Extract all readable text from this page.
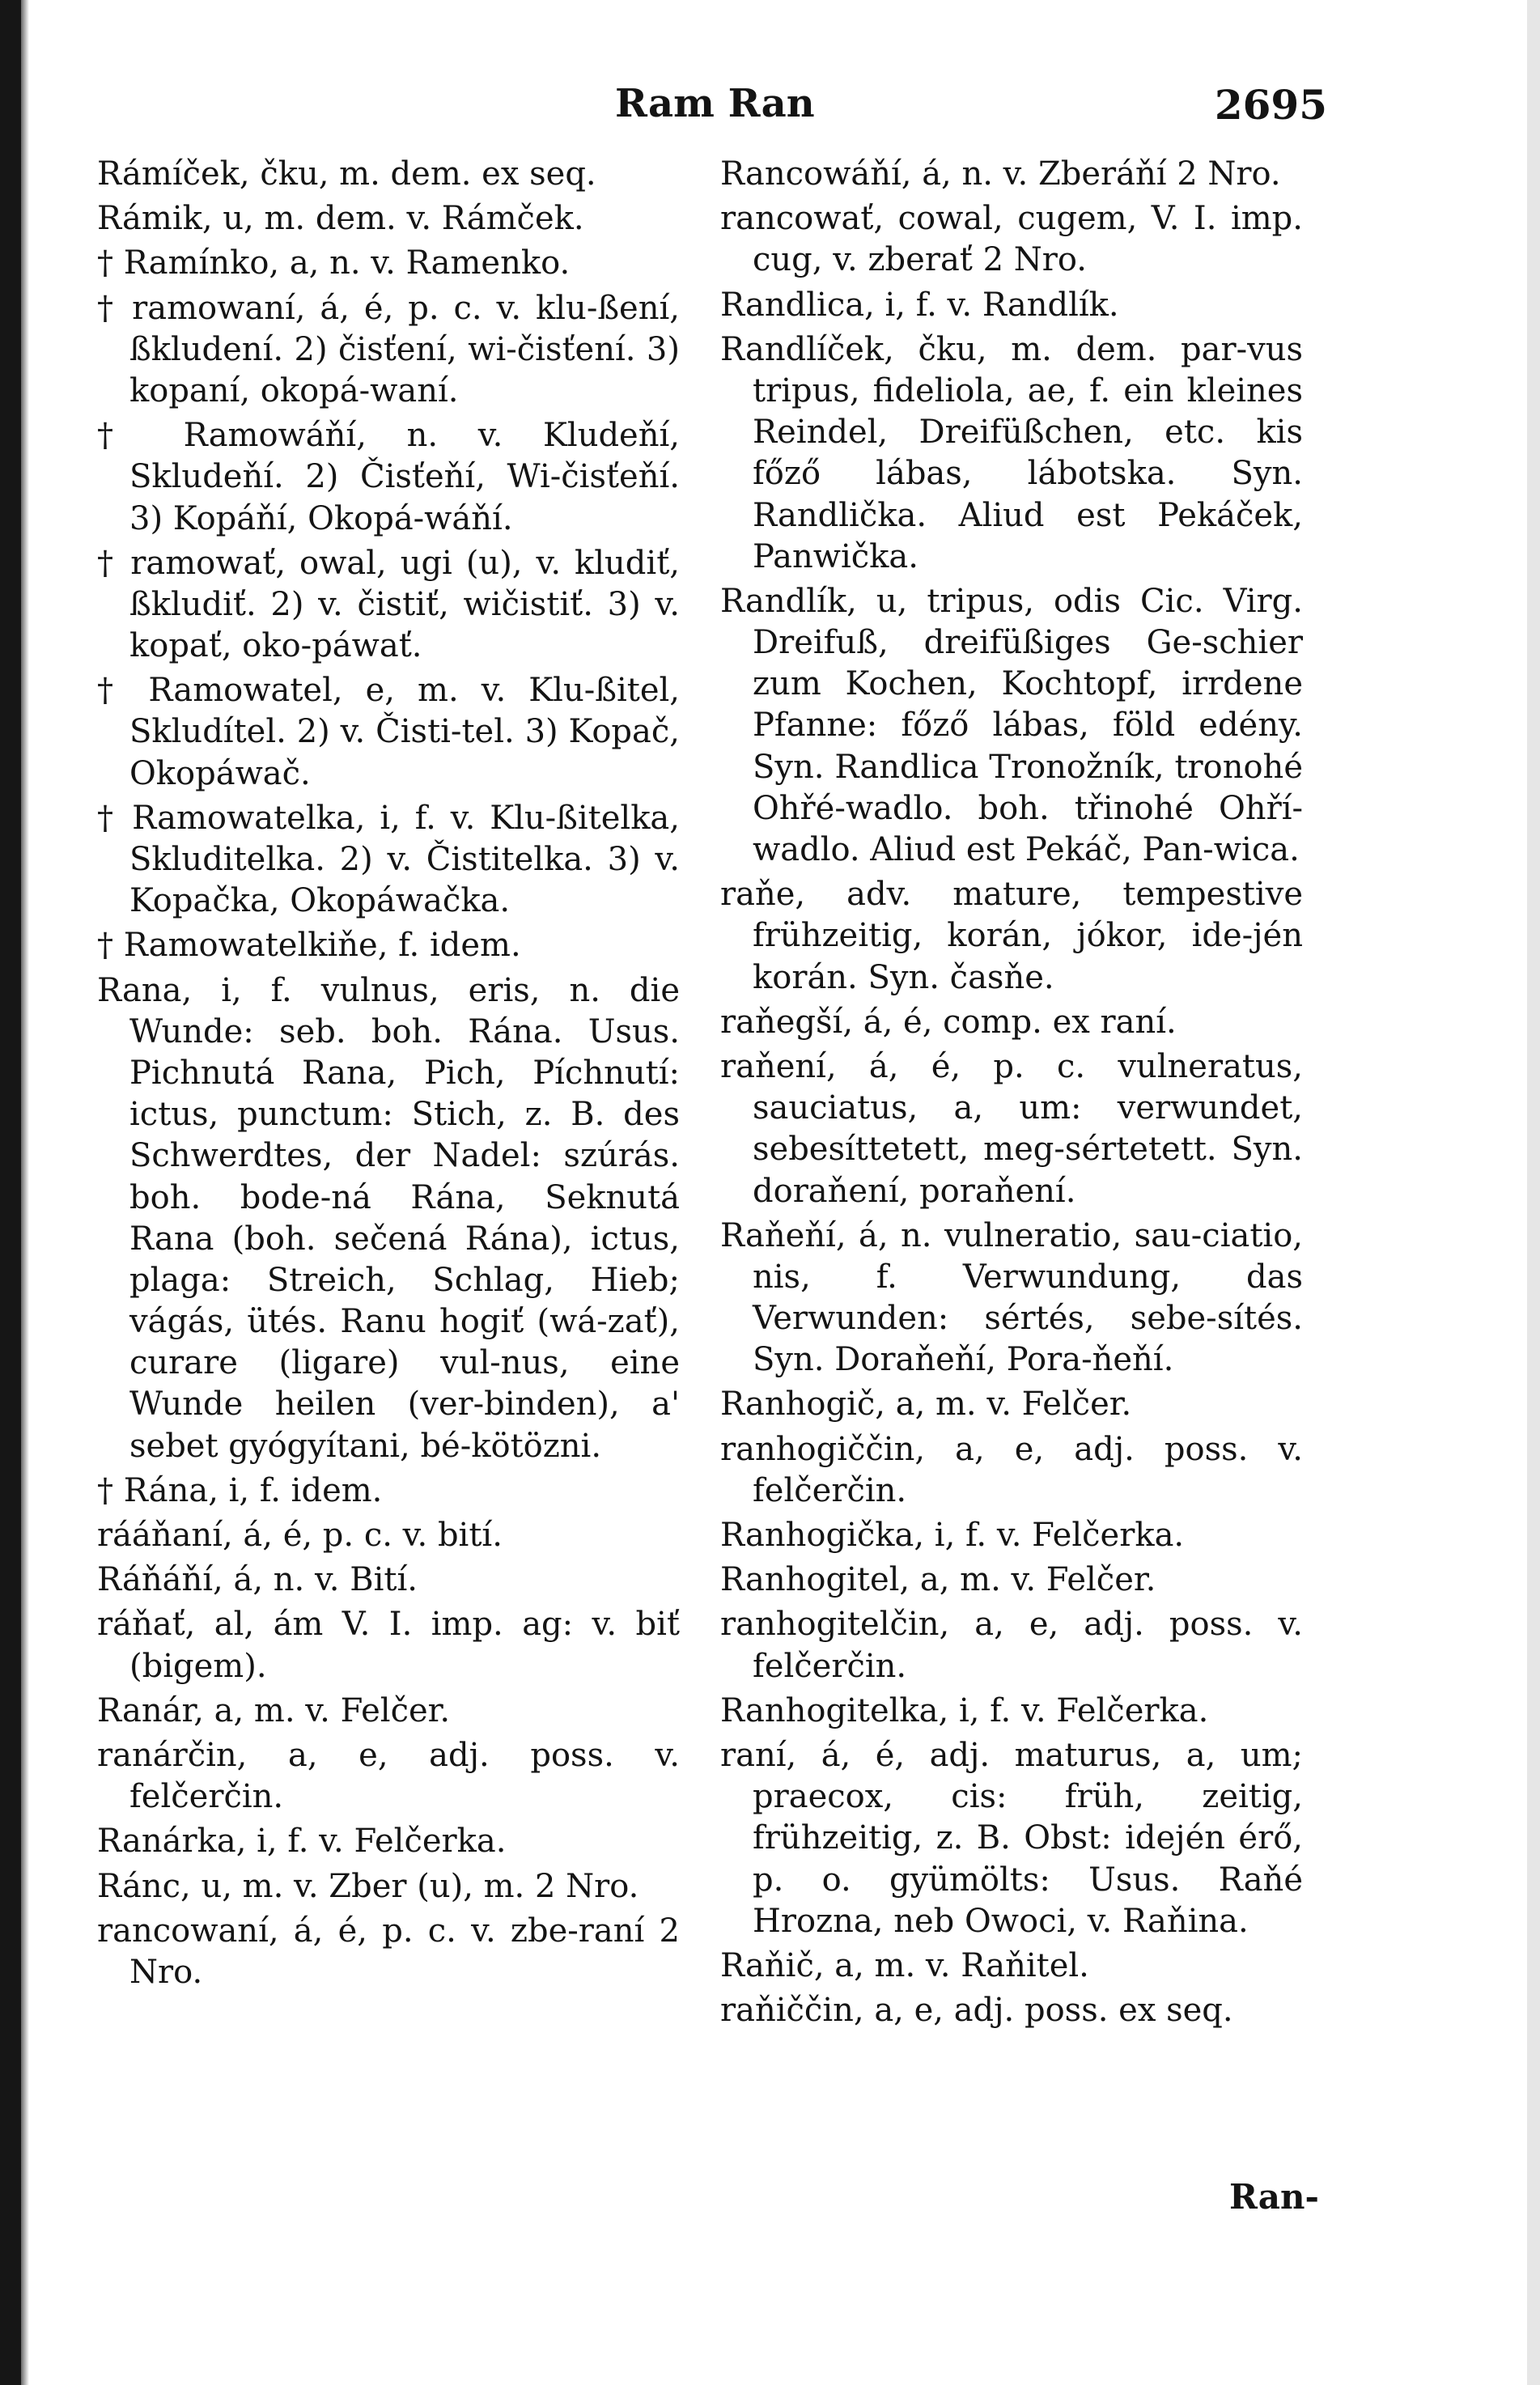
Ram Ran	2695

Rámíček, čku, m. dem. ex seq.

Rámik, u, m. dem. v. Rámček.

† Ramínko, a, n. v. Ramenko.

† ramowaní, á, é, p. c. v. klu-ßení, ßkludení. 2) čisťení, wi-čisťení. 3) kopaní, okopá-waní.

† Ramowáňí, n. v. Kludeňí, Skludeňí. 2) Čisťeňí, Wi-čisťeňí. 3) Kopáňí, Okopá-wáňí.

† ramowať, owal, ugi (u), v. kludiť, ßkludiť. 2) v. čistiť, wičistiť. 3) v. kopať, oko-páwať.

† Ramowatel, e, m. v. Klu-ßitel, Skludítel. 2) v. Čisti-tel. 3) Kopač, Okopáwač.

† Ramowatelka, i, f. v. Klu-ßitelka, Skluditelka. 2) v. Čistitelka. 3) v. Kopačka, Okopáwačka.

† Ramowatelkiňe, f. idem.

Rana, i, f. vulnus, eris, n. die Wunde: seb. boh. Rána. Usus. Pichnutá Rana, Pich, Píchnutí: ictus, punctum: Stich, z. B. des Schwerdtes, der Nadel: szúrás. boh. bode-ná Rána, Seknutá Rana (boh. sečená Rána), ictus, plaga: Streich, Schlag, Hieb; vágás, ütés. Ranu hogiť (wá-zať), curare (ligare) vul-nus, eine Wunde heilen (ver-binden), a' sebet gyógyítani, bé-kötözni.

† Rána, i, f. idem.

rááňaní, á, é, p. c. v. bití.

Ráňáňí, á, n. v. Bití.

ráňať, al, ám V. I. imp. ag: v. biť (bigem).

Ranár, a, m. v. Felčer.

ranárčin, a, e, adj. poss. v. felčerčin.

Ranárka, i, f. v. Felčerka.

Ránc, u, m. v. Zber (u), m. 2 Nro.

rancowaní, á, é, p. c. v. zbe-raní 2 Nro.

Rancowáňí, á, n. v. Zberáňí 2 Nro.

rancowať, cowal, cugem, V. I. imp. cug, v. zberať 2 Nro.

Randlica, i, f. v. Randlík.

Randlíček, čku, m. dem. par-vus tripus, fideliola, ae, f. ein kleines Reindel, Dreifüßchen, etc. kis főző lábas, lábotska. Syn. Randlička. Aliud est Pekáček, Panwička.

Randlík, u, tripus, odis Cic. Virg. Dreifuß, dreifüßiges Ge-schier zum Kochen, Kochtopf, irrdene Pfanne: főző lábas, föld edény. Syn. Randlica Tronožník, tronohé Ohřé-wadlo. boh. třinohé Ohří-wadlo. Aliud est Pekáč, Pan-wica.

raňe, adv. mature, tempestive frühzeitig, korán, jókor, ide-jén korán. Syn. časňe.

raňegší, á, é, comp. ex raní.

raňení, á, é, p. c. vulneratus, sauciatus, a, um: verwundet, sebesíttetett, meg-sértetett. Syn. doraňení, poraňení.

Raňeňí, á, n. vulneratio, sau-ciatio, nis, f. Verwundung, das Verwunden: sértés, sebe-sítés. Syn. Doraňeňí, Pora-ňeňí.

Ranhogič, a, m. v. Felčer.

ranhogiččin, a, e, adj. poss. v. felčerčin.

Ranhogička, i, f. v. Felčerka.

Ranhogitel, a, m. v. Felčer.

ranhogitelčin, a, e, adj. poss. v. felčerčin.

Ranhogitelka, i, f. v. Felčerka.

raní, á, é, adj. maturus, a, um; praecox, cis: früh, zeitig, frühzeitig, z. B. Obst: idején érő, p. o. gyümölts: Usus. Raňé Hrozna, neb Owoci, v. Raňina.

Raňič, a, m. v. Raňitel.

raňiččin, a, e, adj. poss. ex seq.

Ran-
